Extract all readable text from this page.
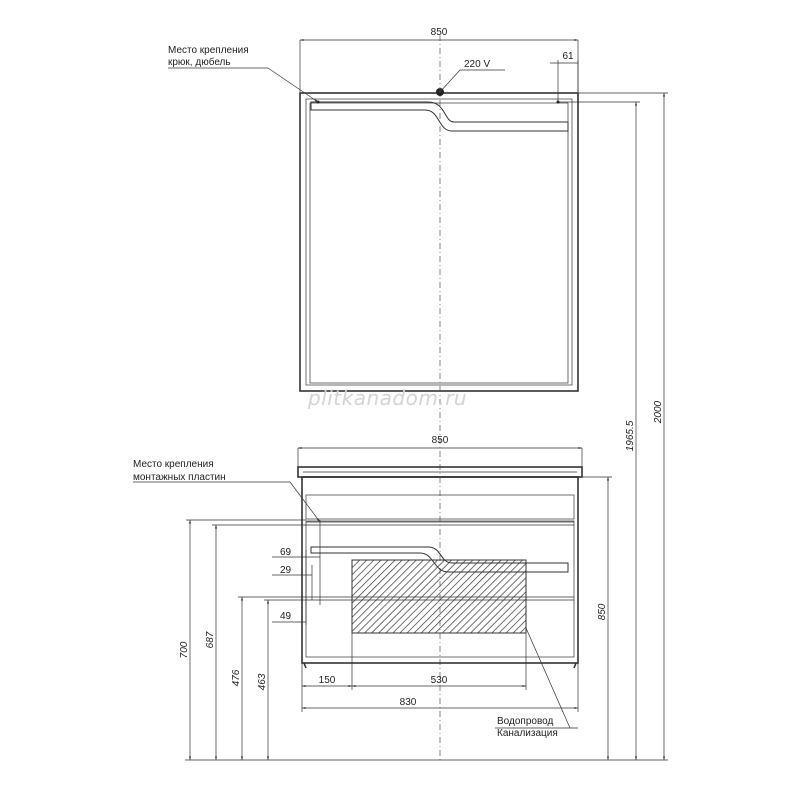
850
61
220 V
Место крепления
крюк, дюбель
plitkanadom.ru
850
Место крепления
монтажных пластин
69
29
49
150	530
830
Водопровод
Канализация
700
687
476 463
850
1965.5
2000
